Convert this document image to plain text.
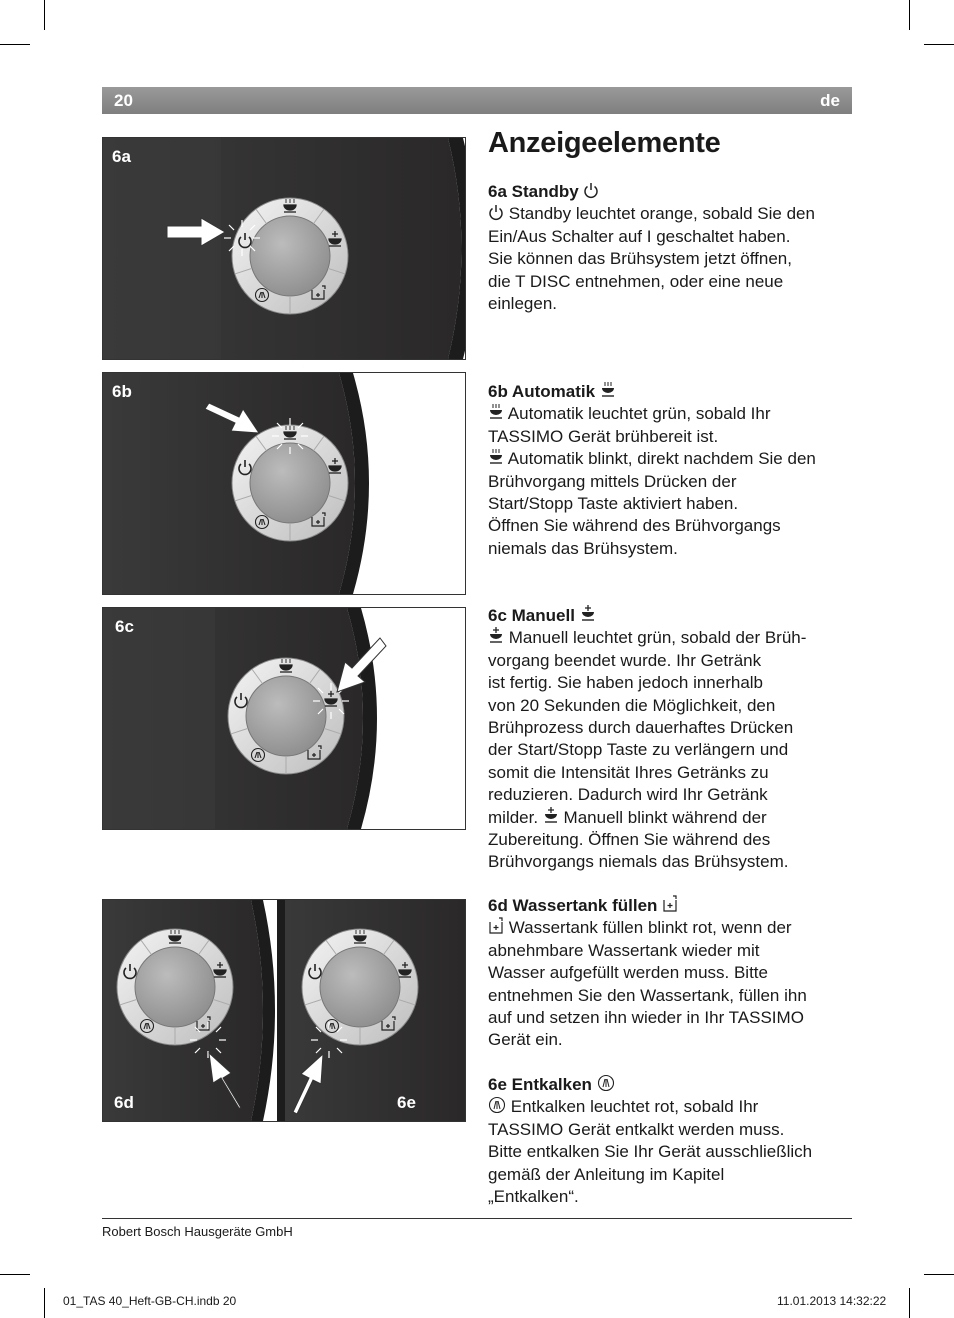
20	de
Anzeigeelemente
6a
6b
6c
6d	6e

6a Standby

Standby leuchtet orange, sobald Sie den

Ein/Aus Schalter auf I geschaltet haben.

Sie können das Brühsystem jetzt öffnen,

die T DISC entnehmen, oder eine neue

einlegen.

6b Automatik

Automatik leuchtet grün, sobald Ihr

TASSIMO Gerät brühbereit ist.

Automatik blinkt, direkt nachdem Sie den

Brühvorgang mittels Drücken der

Start/Stopp Taste aktiviert haben.

Öffnen Sie während des Brühvorgangs

niemals das Brühsystem.

6c Manuell

Manuell leuchtet grün, sobald der Brüh-

vorgang beendet wurde. Ihr Getränk

ist fertig. Sie haben jedoch innerhalb

von 20 Sekunden die Möglichkeit, den

Brühprozess durch dauerhaftes Drücken

der Start/Stopp Taste zu verlängern und

somit die Intensität Ihres Getränks zu

reduzieren. Dadurch wird Ihr Getränk

milder. Manuell blinkt während der

Zubereitung. Öffnen Sie während des

Brühvorgangs niemals das Brühsystem.

6d Wassertank füllen

Wassertank füllen blinkt rot, wenn der

abnehmbare Wassertank wieder mit

Wasser aufgefüllt werden muss. Bitte

entnehmen Sie den Wassertank, füllen ihn

auf und setzen ihn wieder in Ihr TASSIMO

Gerät ein.

6e Entkalken

Entkalken leuchtet rot, sobald Ihr

TASSIMO Gerät entkalkt werden muss.

Bitte entkalken Sie Ihr Gerät ausschließlich

gemäß der Anleitung im Kapitel

„Entkalken“.

Robert Bosch Hausgeräte GmbH
01_TAS 40_Heft-GB-CH.indb 20	11.01.2013 14:32:22
